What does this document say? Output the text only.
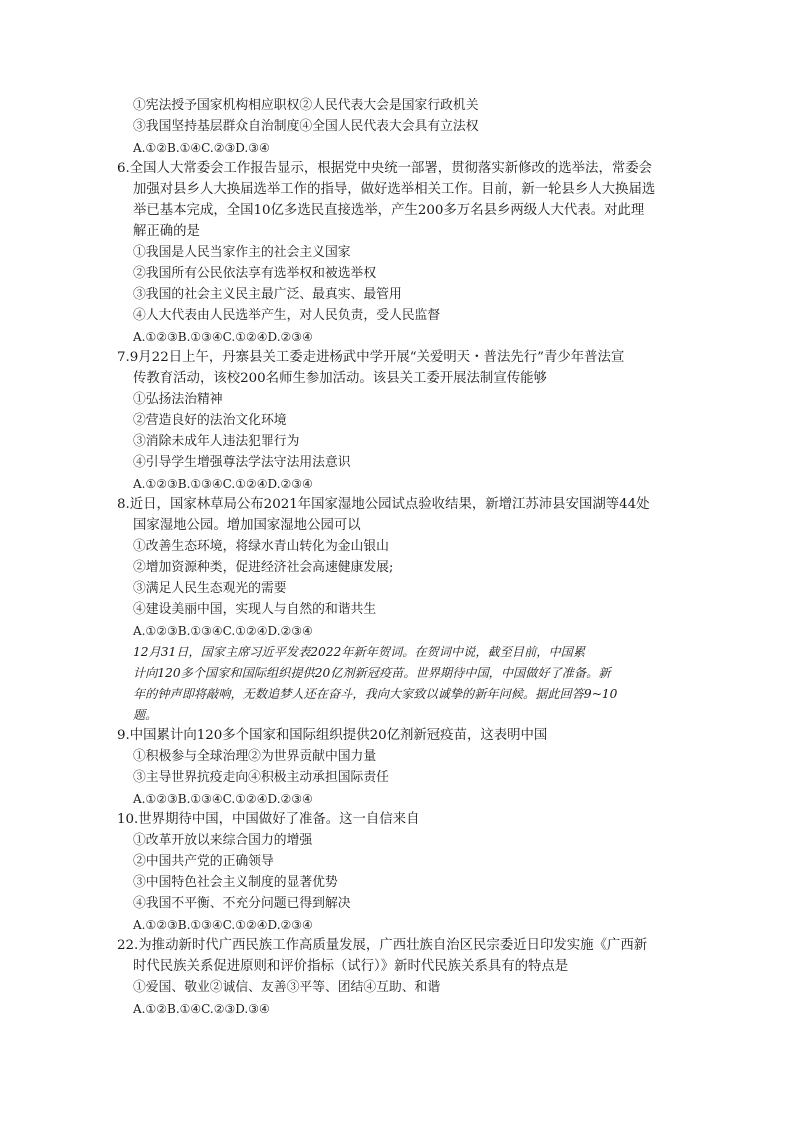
①宪法授予国家机构相应职权②人民代表大会是国家行政机关
③我国坚持基层群众自治制度④全国人民代表大会具有立法权
A.①②B.①④C.②③D.③④
6.全国人大常委会工作报告显示，根据党中央统一部署，贯彻落实新修改的选举法，常委会
加强对县乡人大换届选举工作的指导，做好选举相关工作。目前，新一轮县乡人大换届选
举已基本完成，全国10亿多选民直接选举，产生200多万名县乡两级人大代表。对此理
解正确的是
①我国是人民当家作主的社会主义国家
②我国所有公民依法享有选举权和被选举权
③我国的社会主义民主最广泛、最真实、最管用
④人大代表由人民选举产生，对人民负责，受人民监督
A.①②③B.①③④C.①②④D.②③④
7.9月22日上午，丹寨县关工委走进杨武中学开展“关爱明天・普法先行”青少年普法宣
传教育活动，该校200名师生参加活动。该县关工委开展法制宣传能够
①弘扬法治精神
②营造良好的法治文化环境
③消除未成年人违法犯罪行为
④引导学生增强尊法学法守法用法意识
A.①②③B.①③④C.①②④D.②③④
8.近日，国家林草局公布2021年国家湿地公园试点验收结果，新增江苏沛县安国湖等44处
国家湿地公园。增加国家湿地公园可以
①改善生态环境，将绿水青山转化为金山银山
②增加资源种类，促进经济社会高速健康发展;
③满足人民生态观光的需要
④建设美丽中国，实现人与自然的和谐共生
A.①②③B.①③④C.①②④D.②③④
12月31日，国家主席习近平发表2022年新年贺词。在贺词中说，截至目前，中国累
计向120多个国家和国际组织提供20亿剂新冠疫苗。世界期待中国，中国做好了准备。新
年的钟声即将敲响，无数追梦人还在奋斗，我向大家致以诚挚的新年问候。据此回答9~10
题。
9.中国累计向120多个国家和国际组织提供20亿剂新冠疫苗，这表明中国
①积极参与全球治理②为世界贡献中国力量
③主导世界抗疫走向④积极主动承担国际责任
A.①②③B.①③④C.①②④D.②③④
10.世界期待中国，中国做好了准备。这一自信来自
①改革开放以来综合国力的增强
②中国共产党的正确领导
③中国特色社会主义制度的显著优势
④我国不平衡、不充分问题已得到解决
A.①②③B.①③④C.①②④D.②③④
22.为推动新时代广西民族工作高质量发展，广西壮族自治区民宗委近日印发实施《广西新
时代民族关系促进原则和评价指标（试行）》新时代民族关系具有的特点是
①爱国、敬业②诚信、友善③平等、团结④互助、和谐
A.①②B.①④C.②③D.③④
